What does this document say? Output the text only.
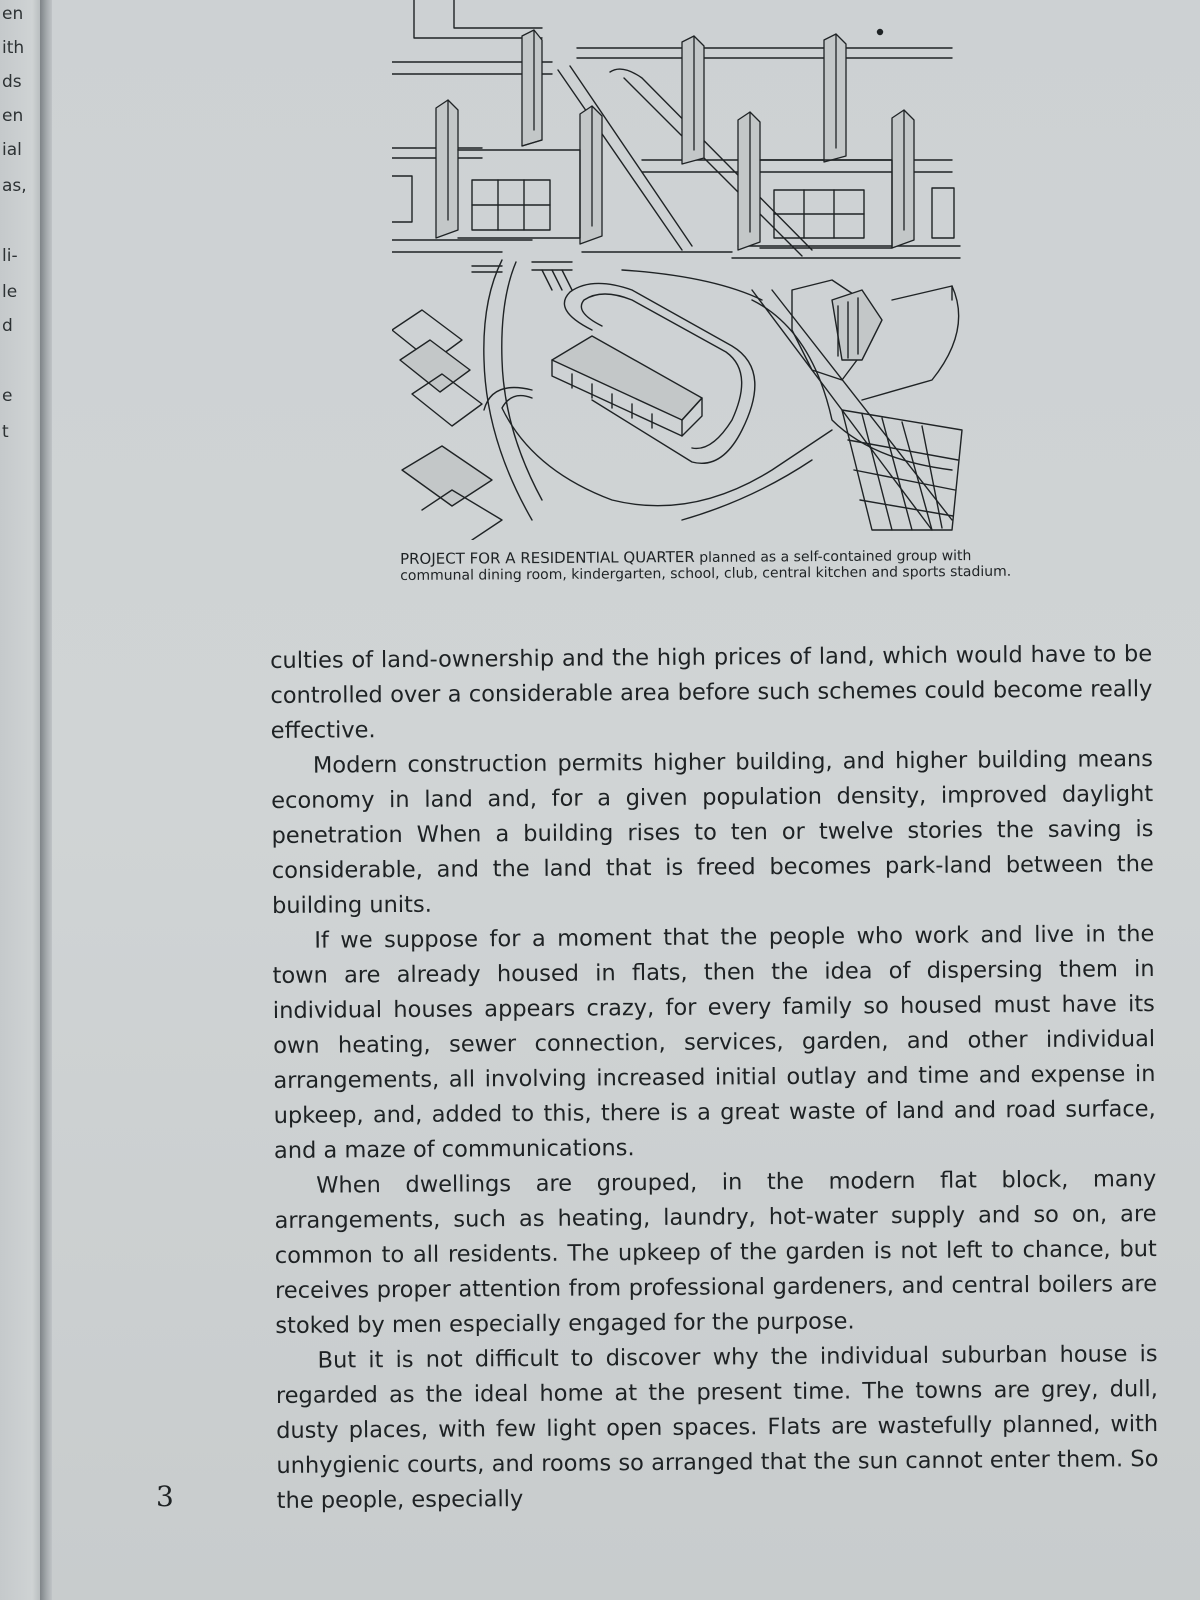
en
ith
ds
en
ial
as,
li-
le
d
e
t
PROJECT FOR A RESIDENTIAL QUARTER planned as a self-contained group with communal dining room, kindergarten, school, club, central kitchen and sports stadium.

culties of land-ownership and the high prices of land, which would have to be controlled over a considerable area before such schemes could become really effective.

Modern construction permits higher building, and higher building means economy in land and, for a given population density, improved daylight penetration When a building rises to ten or twelve stories the saving is considerable, and the land that is freed becomes park-land between the building units.

If we suppose for a moment that the people who work and live in the town are already housed in flats, then the idea of dispersing them in individual houses appears crazy, for every family so housed must have its own heating, sewer connection, services, garden, and other individual arrangements, all involving increased initial outlay and time and expense in upkeep, and, added to this, there is a great waste of land and road surface, and a maze of communications.

When dwellings are grouped, in the modern flat block, many arrangements, such as heating, laundry, hot-water supply and so on, are common to all residents. The upkeep of the garden is not left to chance, but receives proper attention from professional gardeners, and central boilers are stoked by men especially engaged for the purpose.

But it is not difficult to discover why the individual suburban house is regarded as the ideal home at the present time. The towns are grey, dull, dusty places, with few light open spaces. Flats are wastefully planned, with unhygienic courts, and rooms so arranged that the sun cannot enter them. So the people, especially

3
